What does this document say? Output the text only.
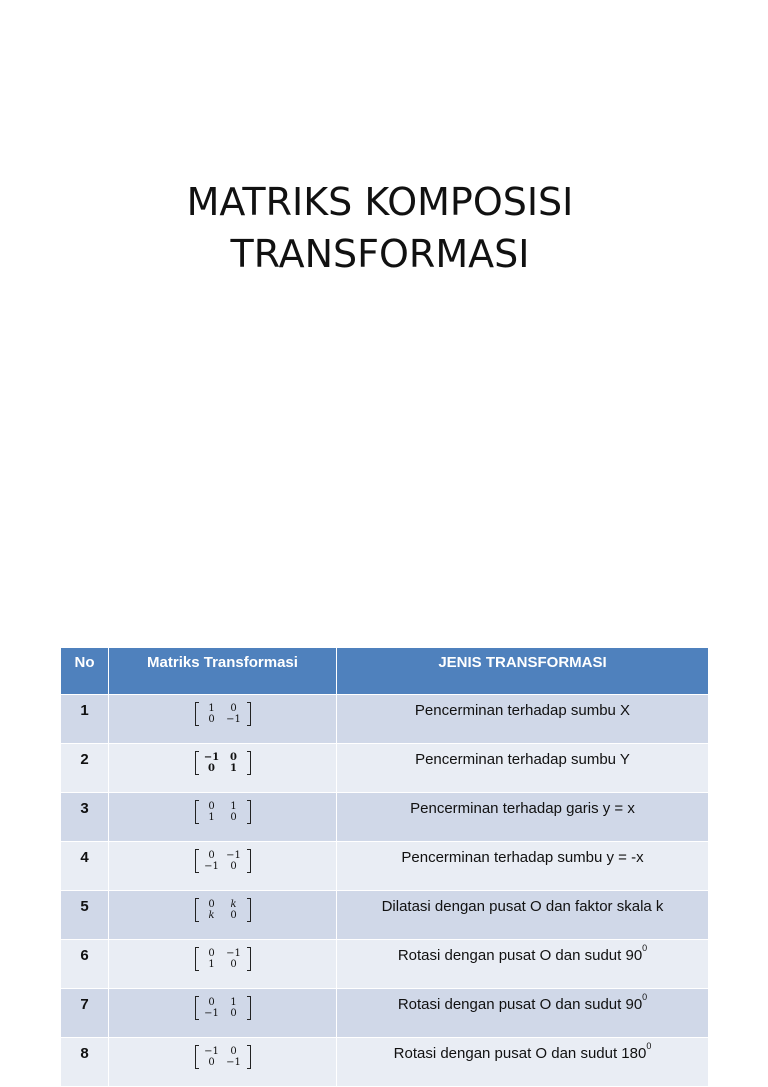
MATRIKS KOMPOSISI
TRANSFORMASI
No	Matriks Transformasi	JENIS TRANSFORMASI
1	1 0
0 −1	Pencerminan terhadap sumbu X
2	−1 0
0 1	Pencerminan terhadap sumbu Y
3	0 1
1 0	Pencerminan terhadap garis y = x
4	0 −1
−1 0	Pencerminan terhadap sumbu y = -x
5	0 k
k 0	Dilatasi dengan pusat O dan faktor skala k
6	0 −1
1 0	Rotasi dengan pusat O dan sudut $90^0$
7	0 1
−1 0	Rotasi dengan pusat O dan sudut $90^0$
8	−1 0
0 −1	Rotasi dengan pusat O dan sudut $180^0$
